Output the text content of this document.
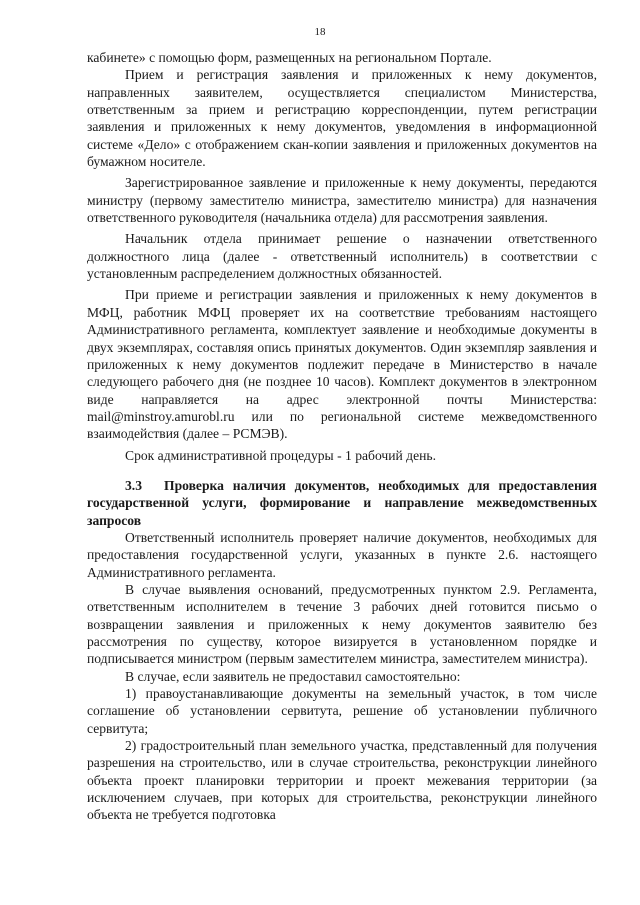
18

кабинете» с помощью форм, размещенных на региональном Портале.

Прием и регистрация заявления и приложенных к нему документов, направленных заявителем, осуществляется специалистом Министерства, ответственным за прием и регистрацию корреспонденции, путем регистрации заявления и приложенных к нему документов, уведомления в информационной системе «Дело» с отображением скан-копии заявления и приложенных документов на бумажном носителе.

Зарегистрированное заявление и приложенные к нему документы, передаются министру (первому заместителю министра, заместителю министра) для назначения ответственного руководителя (начальника отдела) для рассмотрения заявления.

Начальник отдела принимает решение о назначении ответственного должностного лица (далее - ответственный исполнитель) в соответствии с установленным распределением должностных обязанностей.

При приеме и регистрации заявления и приложенных к нему документов в МФЦ, работник МФЦ проверяет их на соответствие требованиям настоящего Административного регламента, комплектует заявление и необходимые документы в двух экземплярах, составляя опись принятых документов. Один экземпляр заявления и приложенных к нему документов подлежит передаче в Министерство в начале следующего рабочего дня (не позднее 10 часов). Комплект документов в электронном виде направляется на адрес электронной почты Министерства: mail@minstroy.amurobl.ru или по региональной системе межведомственного взаимодействия (далее – РСМЭВ).

Срок административной процедуры - 1 рабочий день.

3.3 Проверка наличия документов, необходимых для предоставления государственной услуги, формирование и направление межведомственных запросов

Ответственный исполнитель проверяет наличие документов, необходимых для предоставления государственной услуги, указанных в пункте 2.6. настоящего Административного регламента.

В случае выявления оснований, предусмотренных пунктом 2.9. Регламента, ответственным исполнителем в течение 3 рабочих дней готовится письмо о возвращении заявления и приложенных к нему документов заявителю без рассмотрения по существу, которое визируется в установленном порядке и подписывается министром (первым заместителем министра, заместителем министра).

В случае, если заявитель не предоставил самостоятельно:

1) правоустанавливающие документы на земельный участок, в том числе соглашение об установлении сервитута, решение об установлении публичного сервитута;

2) градостроительный план земельного участка, представленный для получения разрешения на строительство, или в случае строительства, реконструкции линейного объекта проект планировки территории и проект межевания территории (за исключением случаев, при которых для строительства, реконструкции линейного объекта не требуется подготовка
